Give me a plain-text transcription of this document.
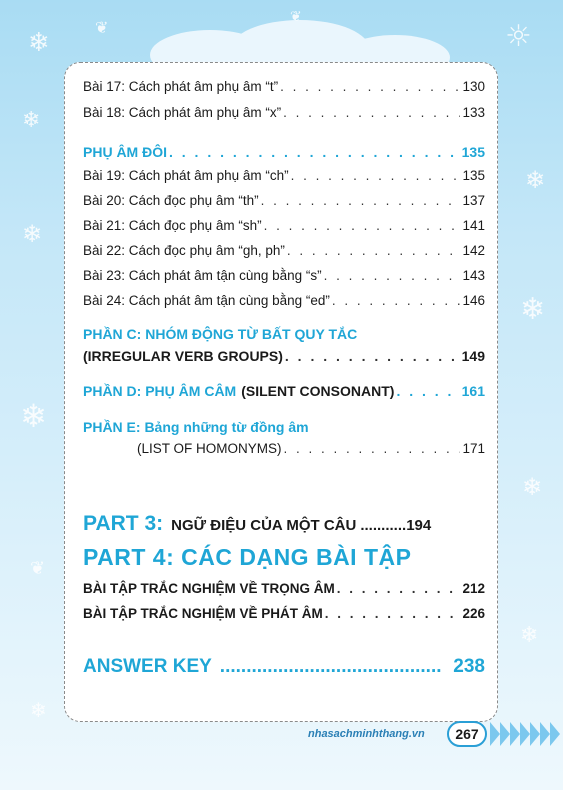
❄
❦
❦
☼
❄
❄
❄
❄
❄
❄
❦
❄
❄
Bài 17: Cách phát âm phụ âm “t” . . .	130
Bài 18: Cách phát âm phụ âm “x” . . .	133
PHỤ ÂM ĐÔI . . .	135
Bài 19: Cách phát âm phụ âm “ch” . . .	135
Bài 20: Cách đọc phụ âm “th” . . .	137
Bài 21: Cách đọc phụ âm “sh” . . .	141
Bài 22: Cách đọc phụ âm “gh, ph” . . .	142
Bài 23: Cách phát âm tận cùng bằng “s” . . .	143
Bài 24: Cách phát âm tận cùng bằng “ed” . . .	146
PHẦN C: NHÓM ĐỘNG TỪ BẤT QUY TẮC
(IRREGULAR VERB GROUPS) . . .	149
PHẦN D: PHỤ ÂM CÂM (SILENT CONSONANT) . . .	161
PHẦN E: Bảng những từ đồng âm
(LIST OF HOMONYMS) . . .	171
PART 3: NGỮ ĐIỆU CỦA MỘT CÂU ........... 194
PART 4: CÁC DẠNG BÀI TẬP
BÀI TẬP TRẮC NGHIỆM VỀ TRỌNG ÂM . . .	212
BÀI TẬP TRẮC NGHIỆM VỀ PHÁT ÂM . . .	226
ANSWER KEY .......................................... 238
nhasachminhthang.vn	267
